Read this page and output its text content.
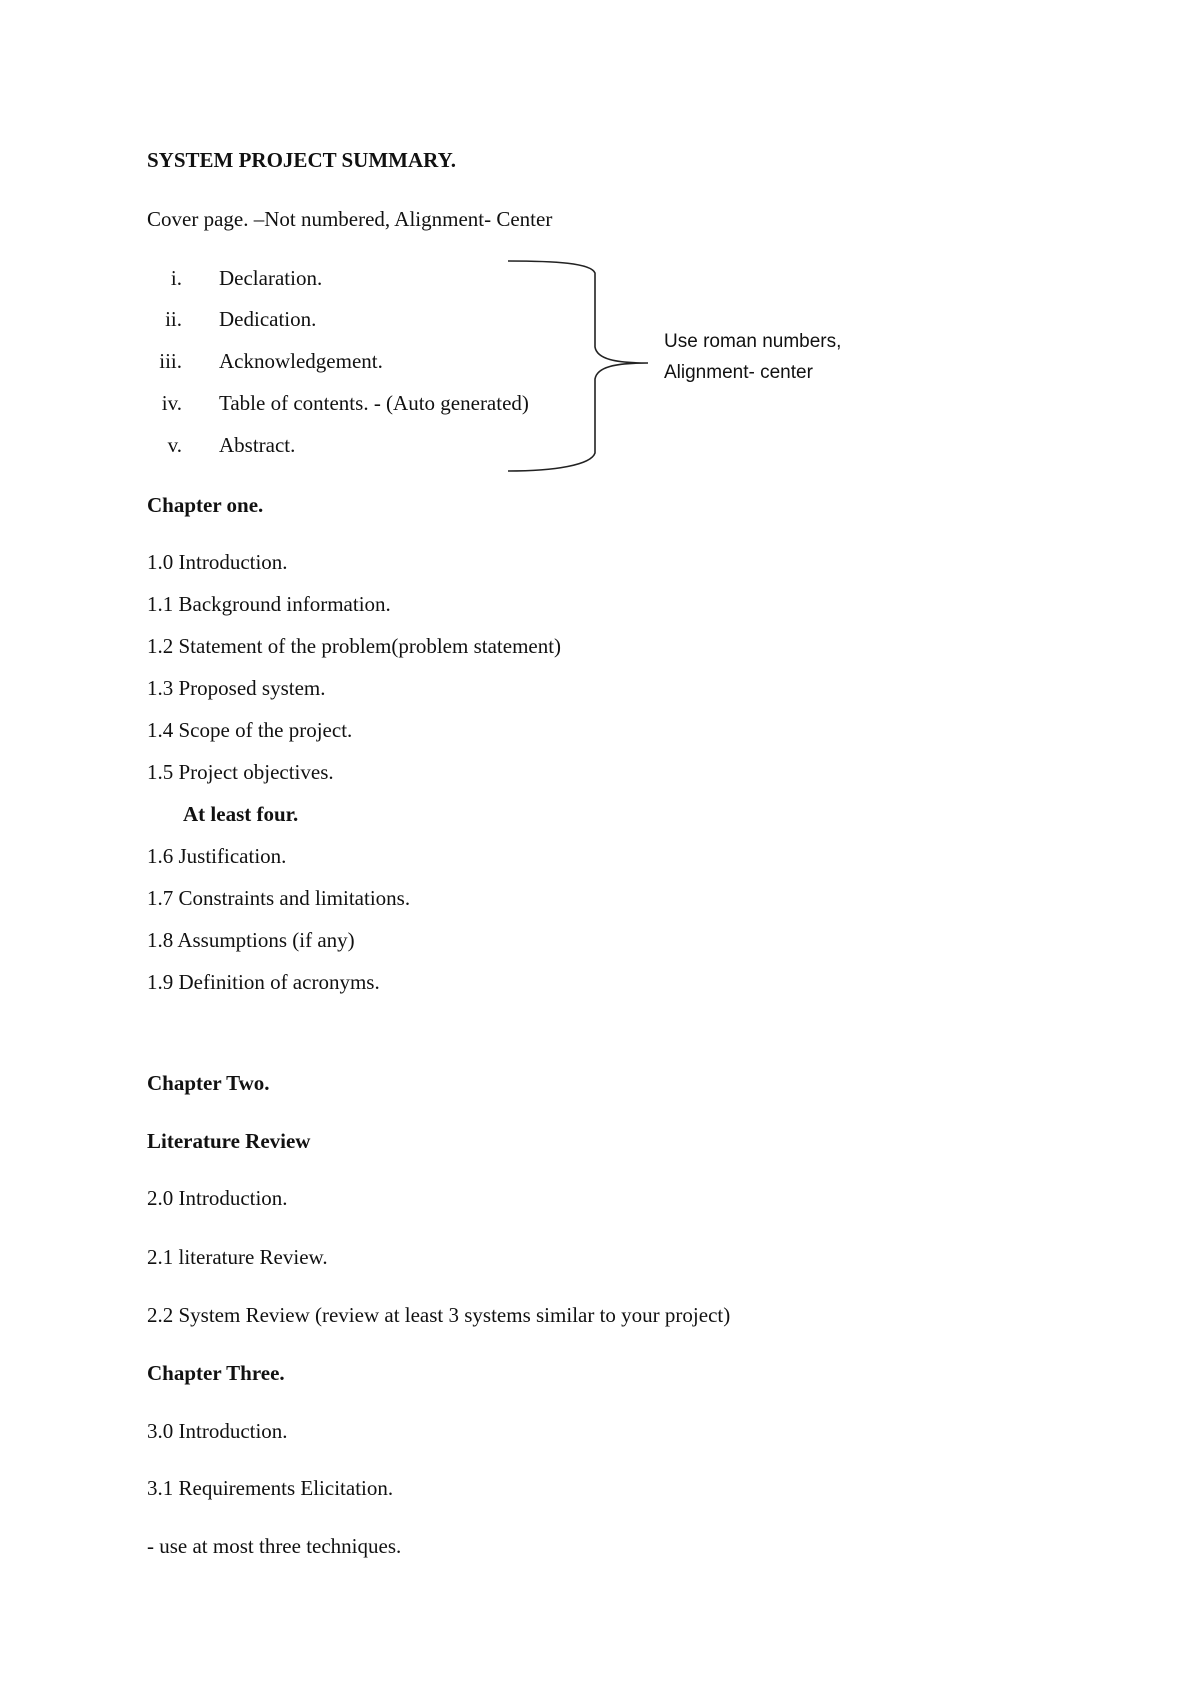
SYSTEM PROJECT SUMMARY.
Cover page. –Not numbered, Alignment- Center
i. Declaration.
ii. Dedication.
iii. Acknowledgement.
iv. Table of contents. - (Auto generated)
v. Abstract.
Use roman numbers,
Alignment- center
Chapter one.
1.0 Introduction.
1.1 Background information.
1.2 Statement of the problem(problem statement)
1.3 Proposed system.
1.4 Scope of the project.
1.5 Project objectives.
At least four.
1.6 Justification.
1.7 Constraints and limitations.
1.8 Assumptions (if any)
1.9 Definition of acronyms.
Chapter Two.
Literature Review
2.0 Introduction.
2.1 literature Review.
2.2 System Review (review at least 3 systems similar to your project)
Chapter Three.
3.0 Introduction.
3.1 Requirements Elicitation.
- use at most three techniques.
